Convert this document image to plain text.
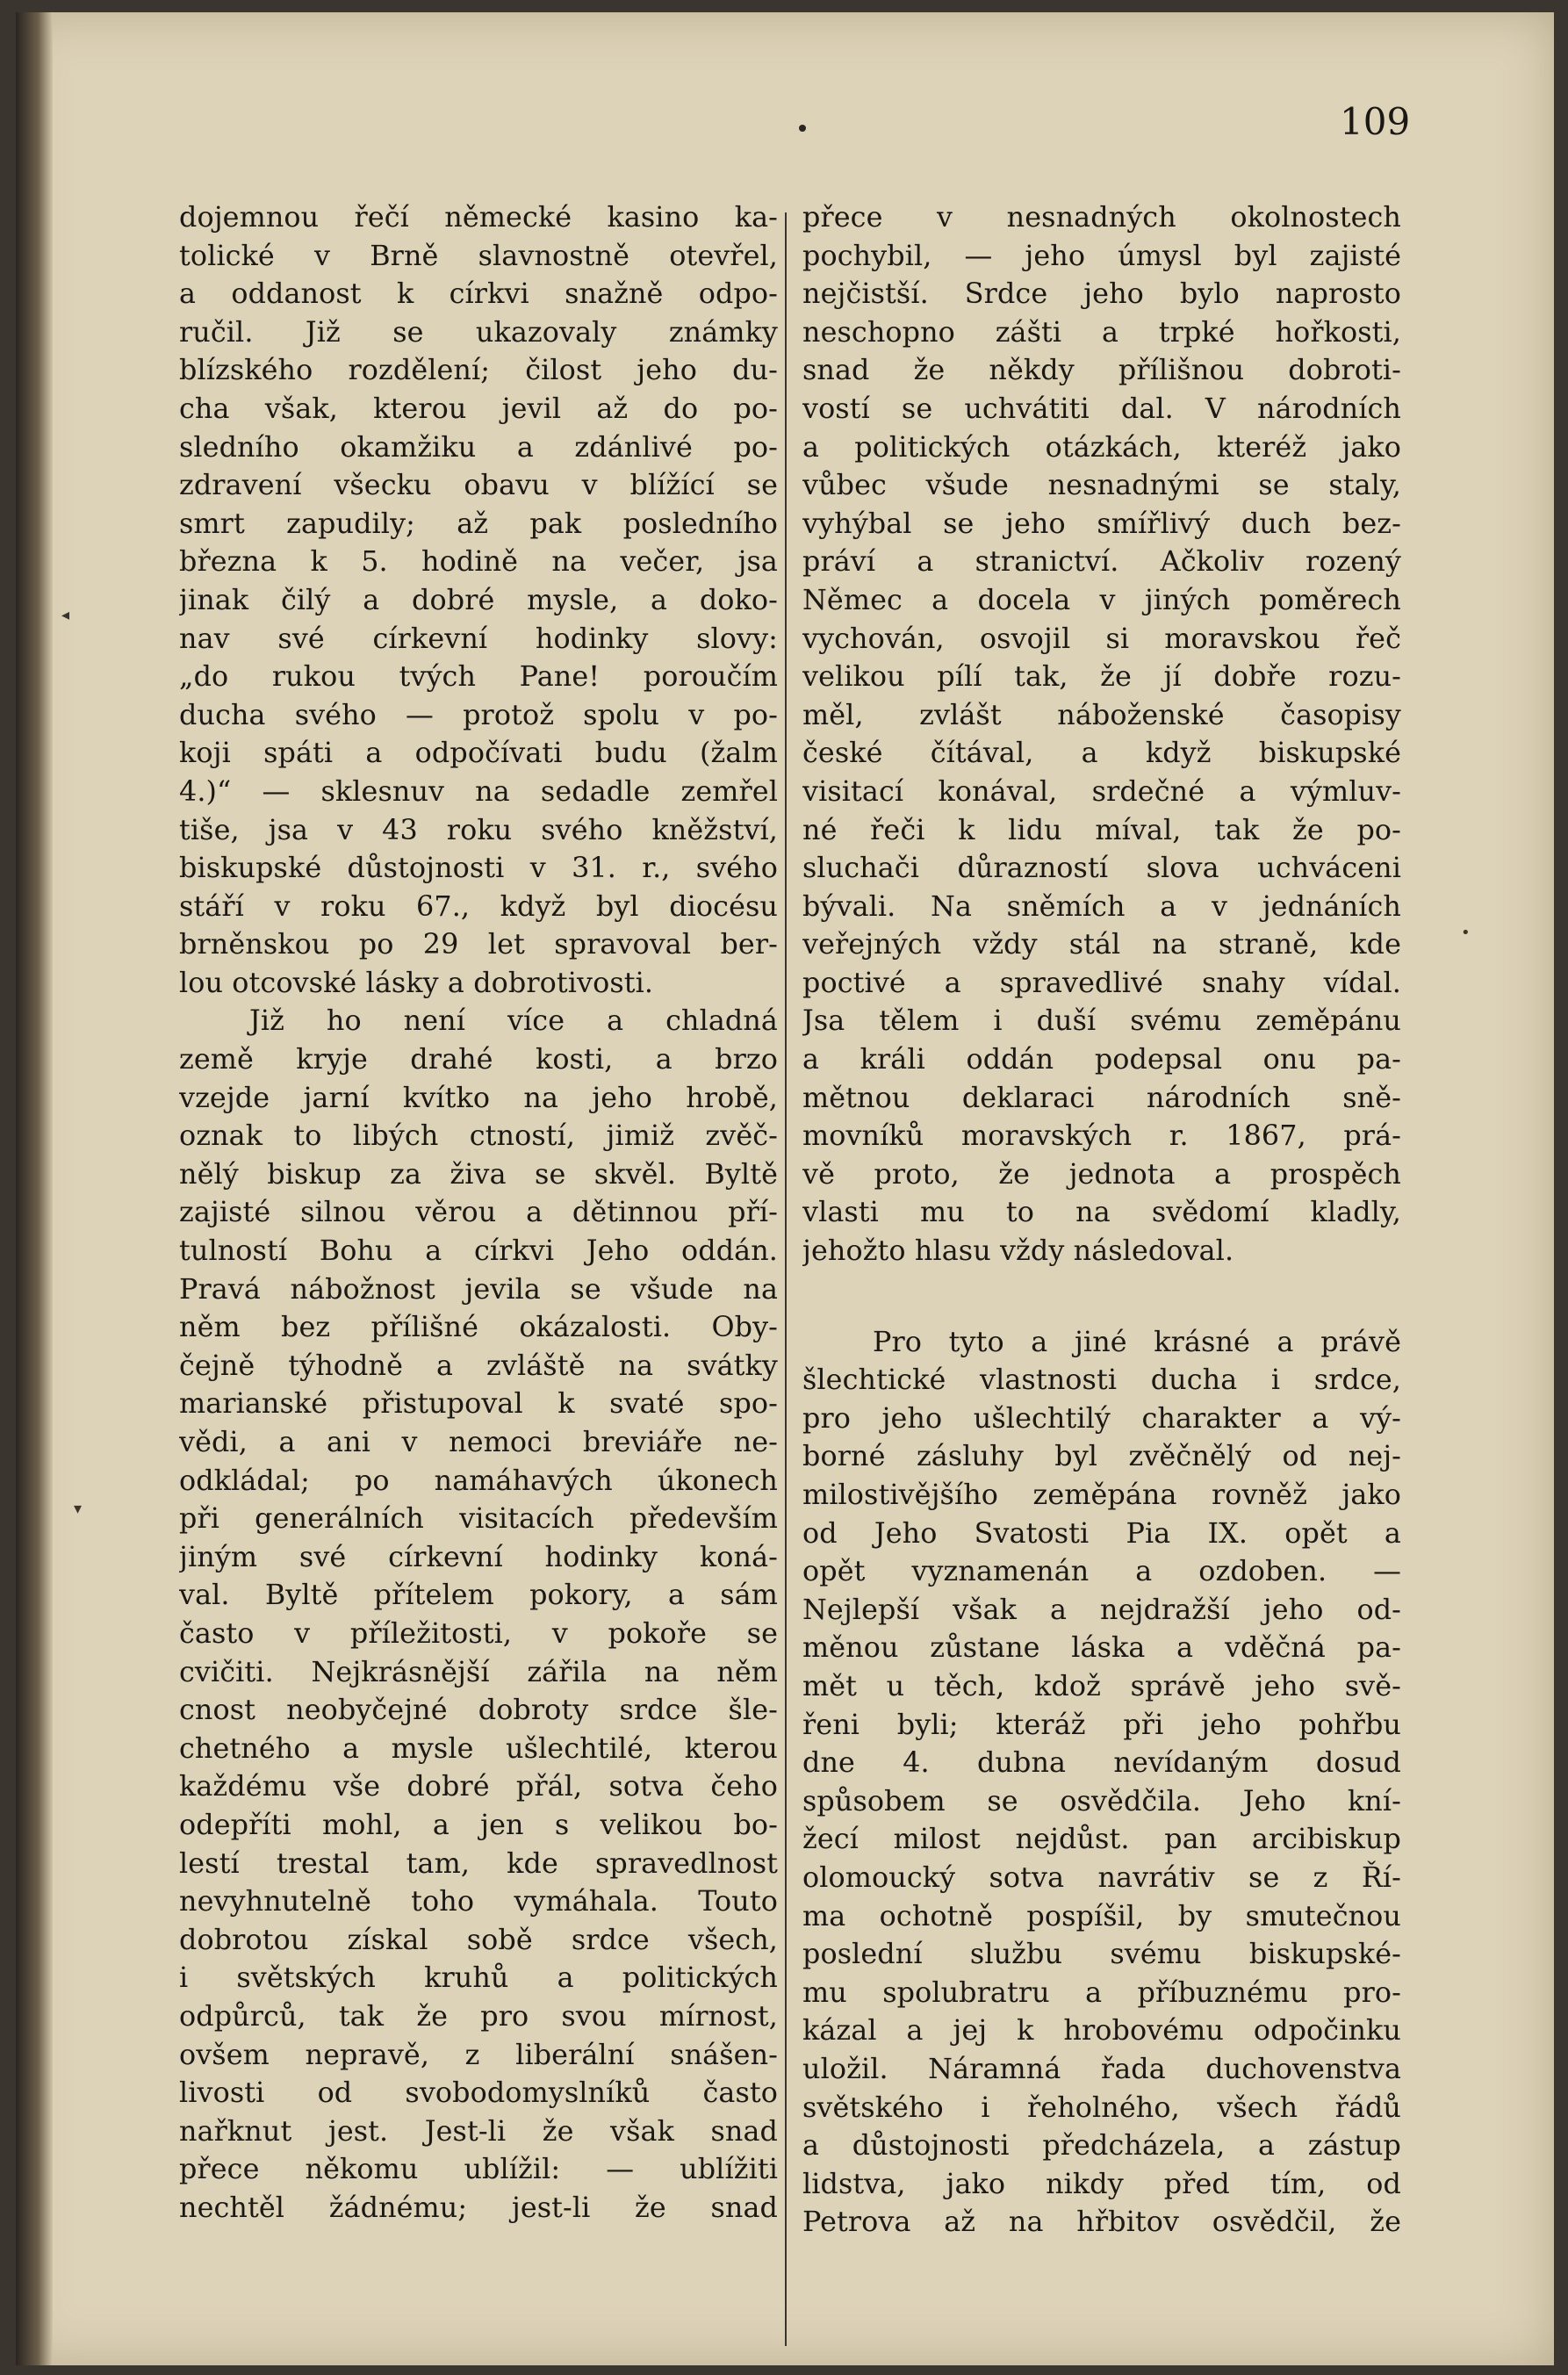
109
dojemnou řečí německé kasino ka-
tolické v Brně slavnostně otevřel,
a oddanost k církvi snažně odpo-
ručil. Již se ukazovaly známky
blízského rozdělení; čilost jeho du-
cha však, kterou jevil až do po-
sledního okamžiku a zdánlivé po-
zdravení všecku obavu v blížící se
smrt zapudily; až pak posledního
března k 5. hodině na večer, jsa
jinak čilý a dobré mysle, a doko-
nav své církevní hodinky slovy:
„do rukou tvých Pane! poroučím
ducha svého — protož spolu v po-
koji spáti a odpočívati budu (žalm
4.)“ — sklesnuv na sedadle zemřel
tiše, jsa v 43 roku svého kněžství,
biskupské důstojnosti v 31. r., svého
stáří v roku 67., když byl diocésu
brněnskou po 29 let spravoval ber-
lou otcovské lásky a dobrotivosti.
Již ho není více a chladná
země kryje drahé kosti, a brzo
vzejde jarní kvítko na jeho hrobě,
oznak to libých ctností, jimiž zvěč-
nělý biskup za živa se skvěl. Byltě
zajisté silnou věrou a dětinnou pří-
tulností Bohu a církvi Jeho oddán.
Pravá nábožnost jevila se všude na
něm bez přílišné okázalosti. Oby-
čejně týhodně a zvláště na svátky
marianské přistupoval k svaté spo-
vědi, a ani v nemoci breviáře ne-
odkládal; po namáhavých úkonech
při generálních visitacích především
jiným své církevní hodinky koná-
val. Byltě přítelem pokory, a sám
často v příležitosti, v pokoře se
cvičiti. Nejkrásnější zářila na něm
cnost neobyčejné dobroty srdce šle-
chetného a mysle ušlechtilé, kterou
každému vše dobré přál, sotva čeho
odepříti mohl, a jen s velikou bo-
lestí trestal tam, kde spravedlnost
nevyhnutelně toho vymáhala. Touto
dobrotou získal sobě srdce všech,
i světských kruhů a politických
odpůrců, tak že pro svou mírnost,
ovšem nepravě, z liberální snášen-
livosti od svobodomyslníků často
nařknut jest. Jest-li že však snad
přece někomu ublížil: — ublížiti
nechtěl žádnému; jest-li že snad
přece v nesnadných okolnostech
pochybil, — jeho úmysl byl zajisté
nejčistší. Srdce jeho bylo naprosto
neschopno zášti a trpké hořkosti,
snad že někdy přílišnou dobroti-
vostí se uchvátiti dal. V národních
a politických otázkách, kteréž jako
vůbec všude nesnadnými se staly,
vyhýbal se jeho smířlivý duch bez-
práví a stranictví. Ačkoliv rozený
Němec a docela v jiných poměrech
vychován, osvojil si moravskou řeč
velikou pílí tak, že jí dobře rozu-
měl, zvlášt náboženské časopisy
české čítával, a když biskupské
visitací konával, srdečné a výmluv-
né řeči k lidu míval, tak že po-
sluchači důrazností slova uchváceni
bývali. Na sněmích a v jednáních
veřejných vždy stál na straně, kde
poctivé a spravedlivé snahy vídal.
Jsa tělem i duší svému zeměpánu
a králi oddán podepsal onu pa-
mětnou deklaraci národních sně-
movníků moravských r. 1867, prá-
vě proto, že jednota a prospěch
vlasti mu to na svědomí kladly,
jehožto hlasu vždy následoval.
Pro tyto a jiné krásné a právě
šlechtické vlastnosti ducha i srdce,
pro jeho ušlechtilý charakter a vý-
borné zásluhy byl zvěčnělý od nej-
milostivějšího zeměpána rovněž jako
od Jeho Svatosti Pia IX. opět a
opět vyznamenán a ozdoben. —
Nejlepší však a nejdražší jeho od-
měnou zůstane láska a vděčná pa-
mět u těch, kdož správě jeho svě-
řeni byli; kteráž při jeho pohřbu
dne 4. dubna nevídaným dosud
spůsobem se osvědčila. Jeho kní-
žecí milost nejdůst. pan arcibiskup
olomoucký sotva navrátiv se z Ří-
ma ochotně pospíšil, by smutečnou
poslední službu svému biskupské-
mu spolubratru a příbuznému pro-
kázal a jej k hrobovému odpočinku
uložil. Náramná řada duchovenstva
světského i řeholného, všech řádů
a důstojnosti předcházela, a zástup
lidstva, jako nikdy před tím, od
Petrova až na hřbitov osvědčil, že
◂
▾
•
